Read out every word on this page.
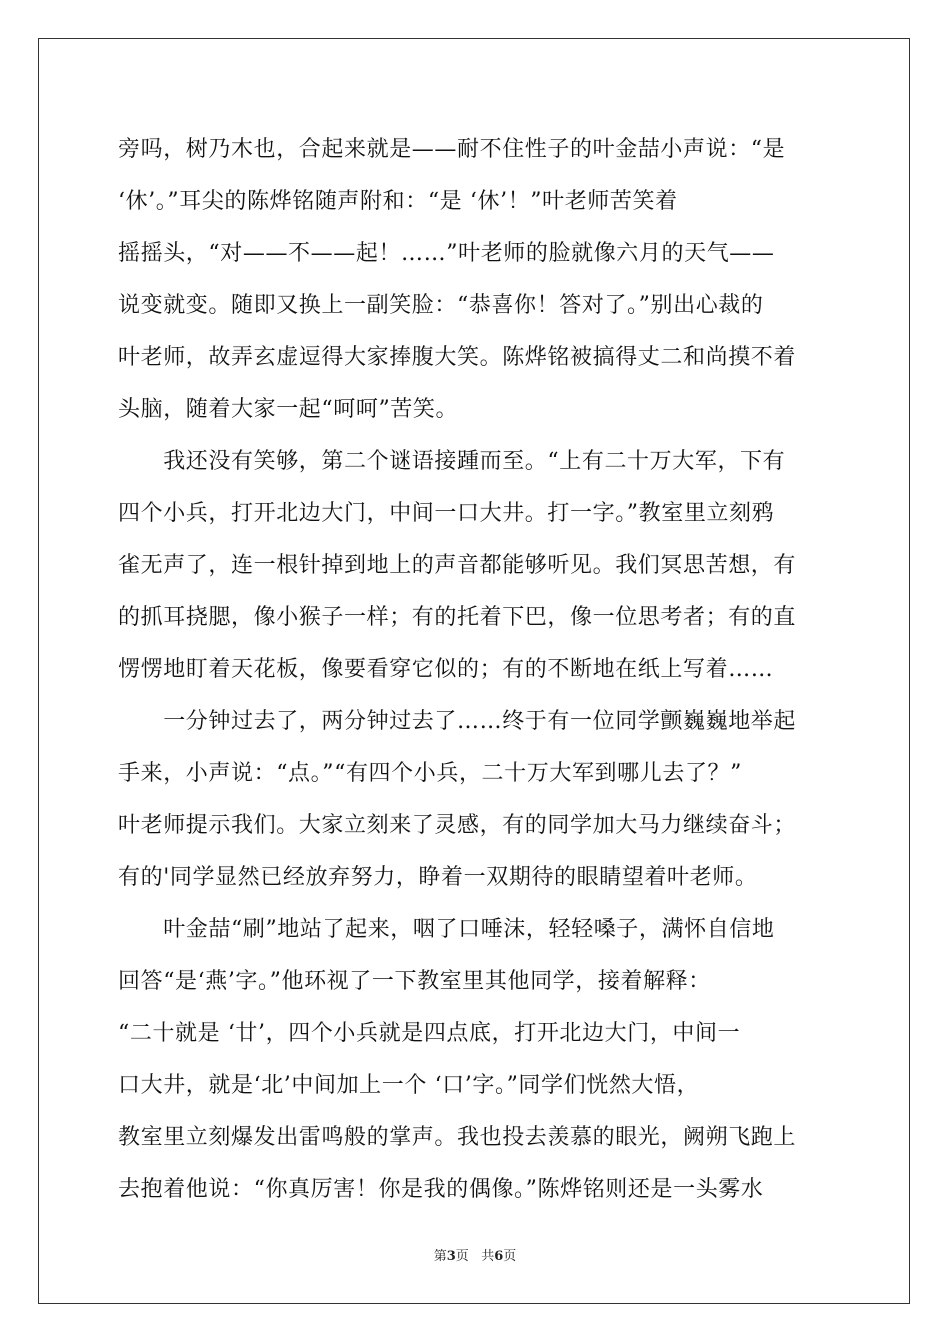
旁吗，树乃木也，合起来就是——耐不住性子的叶金喆小声说：“是
‘休’。”耳尖的陈烨铭随声附和：“是 ‘休’！”叶老师苦笑着
摇摇头，“对——不——起！……”叶老师的脸就像六月的天气——
说变就变。随即又换上一副笑脸：“恭喜你！答对了。”别出心裁的
叶老师，故弄玄虚逗得大家捧腹大笑。陈烨铭被搞得丈二和尚摸不着
头脑，随着大家一起“呵呵”苦笑。
　　我还没有笑够，第二个谜语接踵而至。“上有二十万大军，下有
四个小兵，打开北边大门，中间一口大井。打一字。”教室里立刻鸦
雀无声了，连一根针掉到地上的声音都能够听见。我们冥思苦想，有
的抓耳挠腮，像小猴子一样；有的托着下巴，像一位思考者；有的直
愣愣地盯着天花板，像要看穿它似的；有的不断地在纸上写着……
　　一分钟过去了，两分钟过去了……终于有一位同学颤巍巍地举起
手来，小声说：“点。”“有四个小兵，二十万大军到哪儿去了？”
叶老师提示我们。大家立刻来了灵感，有的同学加大马力继续奋斗；
有的'同学显然已经放弃努力，睁着一双期待的眼睛望着叶老师。
　　叶金喆“刷”地站了起来，咽了口唾沫，轻轻嗓子，满怀自信地
回答“是‘燕’字。”他环视了一下教室里其他同学，接着解释：
“二十就是 ‘廿’，四个小兵就是四点底，打开北边大门，中间一
口大井，就是‘北’中间加上一个 ‘口’字。”同学们恍然大悟，
教室里立刻爆发出雷鸣般的掌声。我也投去羡慕的眼光，阙朔飞跑上
去抱着他说：“你真厉害！你是我的偶像。”陈烨铭则还是一头雾水
第3页 共6页
